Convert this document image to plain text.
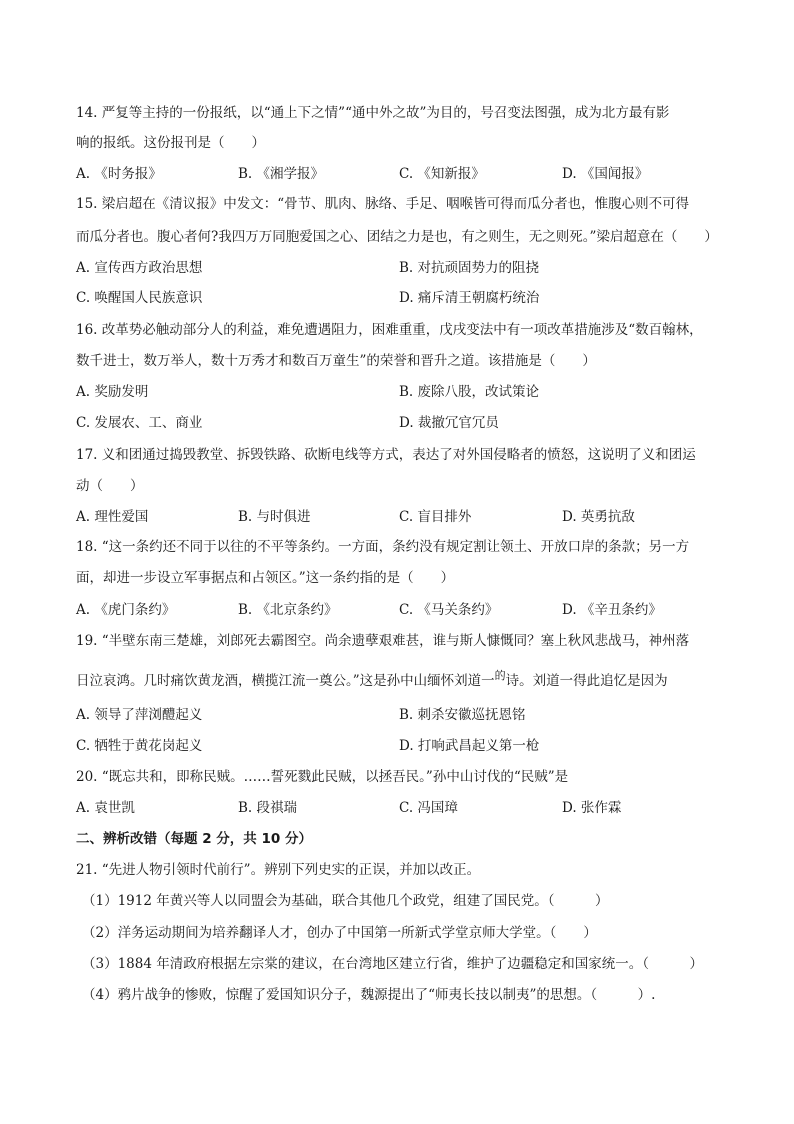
14. 严复等主持的一份报纸，以“通上下之情”“通中外之故”为目的，号召变法图强，成为北方最有影
响的报纸。这份报刊是（　　）
A. 《时务报》	B. 《湘学报》	C. 《知新报》	D. 《国闻报》
15. 梁启超在《清议报》中发文：“骨节、肌肉、脉络、手足、咽喉皆可得而瓜分者也，惟腹心则不可得
而瓜分者也。腹心者何?我四万万同胞爱国之心、团结之力是也，有之则生，无之则死。”梁启超意在（　　）
A. 宣传西方政治思想	B. 对抗顽固势力的阻挠
C. 唤醒国人民族意识	D. 痛斥清王朝腐朽统治
16. 改革势必触动部分人的利益，难免遭遇阻力，困难重重，戊戌变法中有一项改革措施涉及“数百翰林，
数千进士，数万举人，数十万秀才和数百万童生”的荣誉和晋升之道。该措施是（　　）
A. 奖励发明	B. 废除八股，改试策论
C. 发展农、工、商业	D. 裁撤冗官冗员
17. 义和团通过捣毁教堂、拆毁铁路、砍断电线等方式，表达了对外国侵略者的愤怒，这说明了义和团运
动（　　）
A. 理性爱国	B. 与时俱进	C. 盲目排外	D. 英勇抗敌
18. “这一条约还不同于以往的不平等条约。一方面，条约没有规定割让领土、开放口岸的条款；另一方
面，却进一步设立军事据点和占领区。”这一条约指的是（　　）
A. 《虎门条约》	B. 《北京条约》	C. 《马关条约》	D. 《辛丑条约》
19. “半壁东南三楚雄，刘郎死去霸图空。尚余遗孽艰难甚，谁与斯人慷慨同？塞上秋风悲战马，神州落
日泣哀鸿。几时痛饮黄龙酒，横揽江流一奠公。”这是孙中山缅怀刘道一$^的$诗。刘道一得此追忆是因为
A. 领导了萍浏醴起义	B. 刺杀安徽巡抚恩铭
C. 牺牲于黄花岗起义	D. 打响武昌起义第一枪
20. “既忘共和，即称民贼。……誓死戮此民贼，以拯吾民。”孙中山讨伐的“民贼”是
A. 袁世凯	B. 段祺瑞	C. 冯国璋	D. 张作霖
二、辨析改错（每题 2 分，共 10 分）
21. “先进人物引领时代前行”。辨别下列史实的正误，并加以改正。
（1）1912 年黄兴等人以同盟会为基础，联合其他几个政党，组建了国民党。（　　　）
（2）洋务运动期间为培养翻译人才，创办了中国第一所新式学堂京师大学堂。（　　）
（3）1884 年清政府根据左宗棠的建议，在台湾地区建立行省，维护了边疆稳定和国家统一。（　　　）
（4）鸦片战争的惨败，惊醒了爱国知识分子，魏源提出了“师夷长技以制夷”的思想。（　　　）.
